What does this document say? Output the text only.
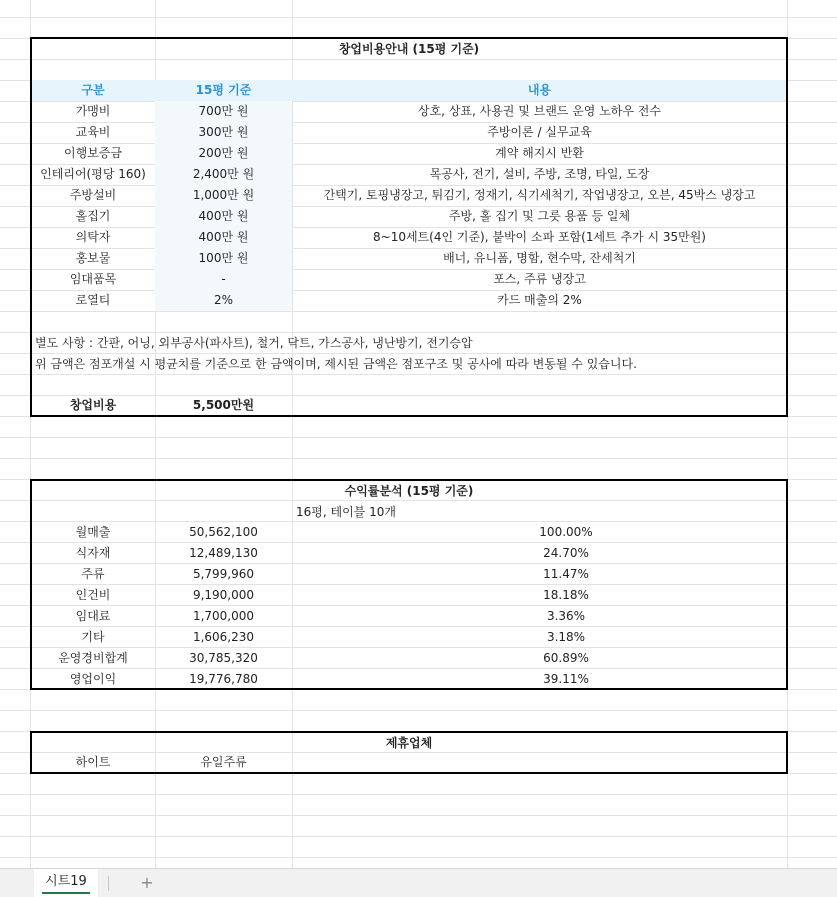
창업비용안내 (15평 기준)
구분	15평 기준	내용
가맹비	700만 원	상호, 상표, 사용권 및 브랜드 운영 노하우 전수
교육비	300만 원	주방이론 / 실무교육
이행보증금	200만 원	계약 해지시 반환
인테리어(평당 160)	2,400만 원	목공사, 전기, 설비, 주방, 조명, 타일, 도장
주방설비	1,000만 원	간택기, 토핑냉장고, 튀김기, 정재기, 식기세척기, 작업냉장고, 오븐, 45박스 냉장고
홀집기	400만 원	주방, 홀 집기 및 그릇 용품 등 일체
의탁자	400만 원	8~10세트(4인 기준), 붙박이 소파 포함(1세트 추가 시 35만원)
홍보물	100만 원	배너, 유니폼, 명함, 현수막, 잔세척기
임대품목	-	포스, 주류 냉장고
로열티	2%	카드 매출의 2%
별도 사항 : 간판, 어닝, 외부공사(파사트), 철거, 닥트, 가스공사, 냉난방기, 전기승압
위 금액은 점포개설 시 평균치를 기준으로 한 금액이며, 제시된 금액은 점포구조 및 공사에 따라 변동될 수 있습니다.
창업비용	5,500만원
수익률분석 (15평 기준)
16평, 테이블 10개
월매출	50,562,100	100.00%
식자재	12,489,130	24.70%
주류	5,799,960	11.47%
인건비	9,190,000	18.18%
임대료	1,700,000	3.36%
기타	1,606,230	3.18%
운영경비합계	30,785,320	60.89%
영업이익	19,776,780	39.11%
제휴업체
하이트	유일주류
시트19	+
